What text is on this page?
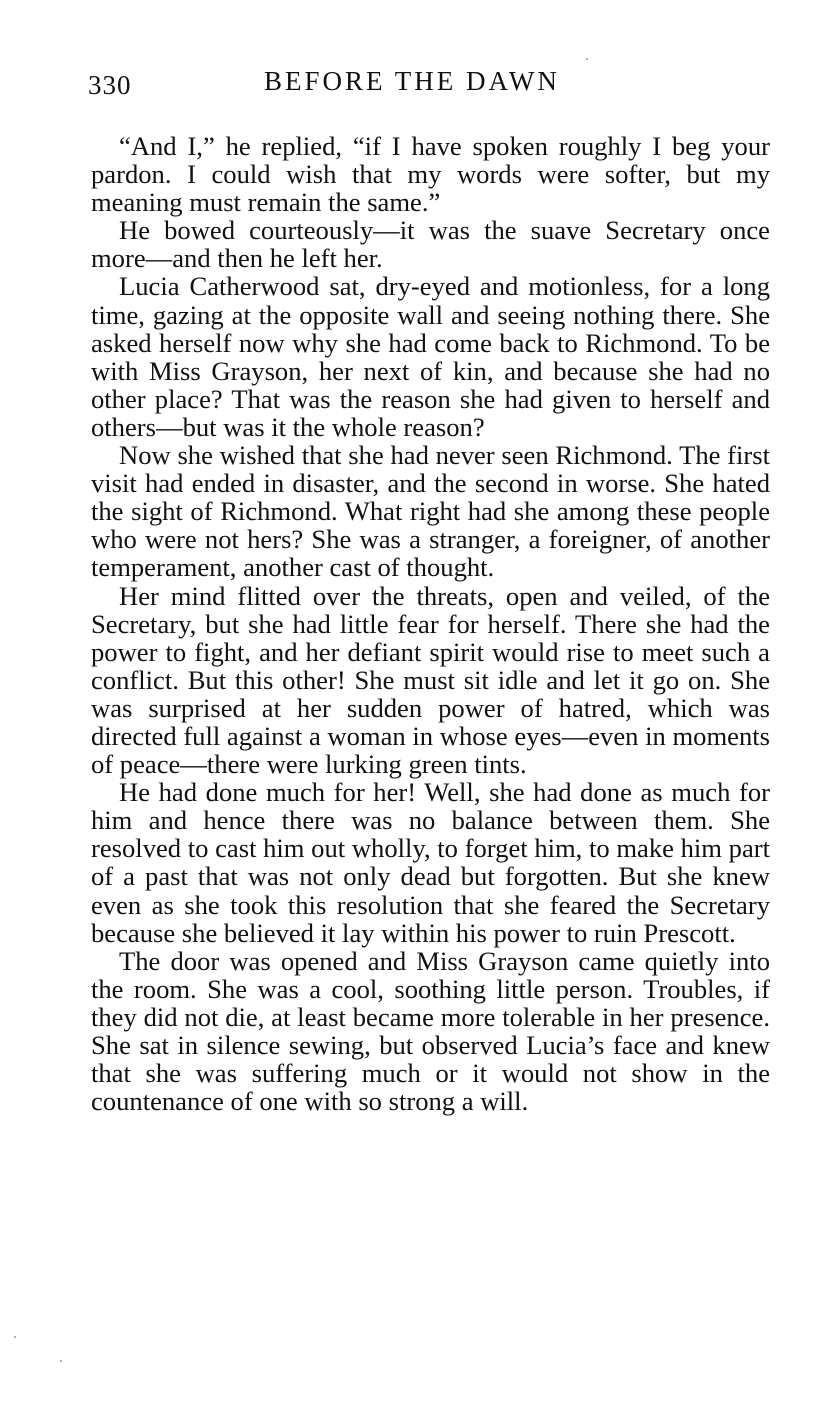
330	BEFORE THE DAWN

“And I,” he replied, “if I have spoken roughly I beg your pardon. I could wish that my words were softer, but my meaning must remain the same.”

He bowed courteously—it was the suave Secretary once more—and then he left her.

Lucia Catherwood sat, dry-eyed and motionless, for a long time, gazing at the opposite wall and seeing nothing there. She asked herself now why she had come back to Richmond. To be with Miss Grayson, her next of kin, and because she had no other place? That was the reason she had given to herself and others—but was it the whole reason?

Now she wished that she had never seen Richmond. The first visit had ended in disaster, and the second in worse. She hated the sight of Richmond. What right had she among these people who were not hers? She was a stranger, a foreigner, of another temperament, another cast of thought.

Her mind flitted over the threats, open and veiled, of the Secretary, but she had little fear for herself. There she had the power to fight, and her defiant spirit would rise to meet such a conflict. But this other! She must sit idle and let it go on. She was surprised at her sudden power of hatred, which was directed full against a woman in whose eyes—even in moments of peace—there were lurking green tints.

He had done much for her! Well, she had done as much for him and hence there was no balance between them. She resolved to cast him out wholly, to forget him, to make him part of a past that was not only dead but forgotten. But she knew even as she took this resolution that she feared the Secretary because she believed it lay within his power to ruin Prescott.

The door was opened and Miss Grayson came quietly into the room. She was a cool, soothing little person. Troubles, if they did not die, at least became more tolerable in her presence. She sat in silence sewing, but observed Lucia’s face and knew that she was suffering much or it would not show in the countenance of one with so strong a will.
